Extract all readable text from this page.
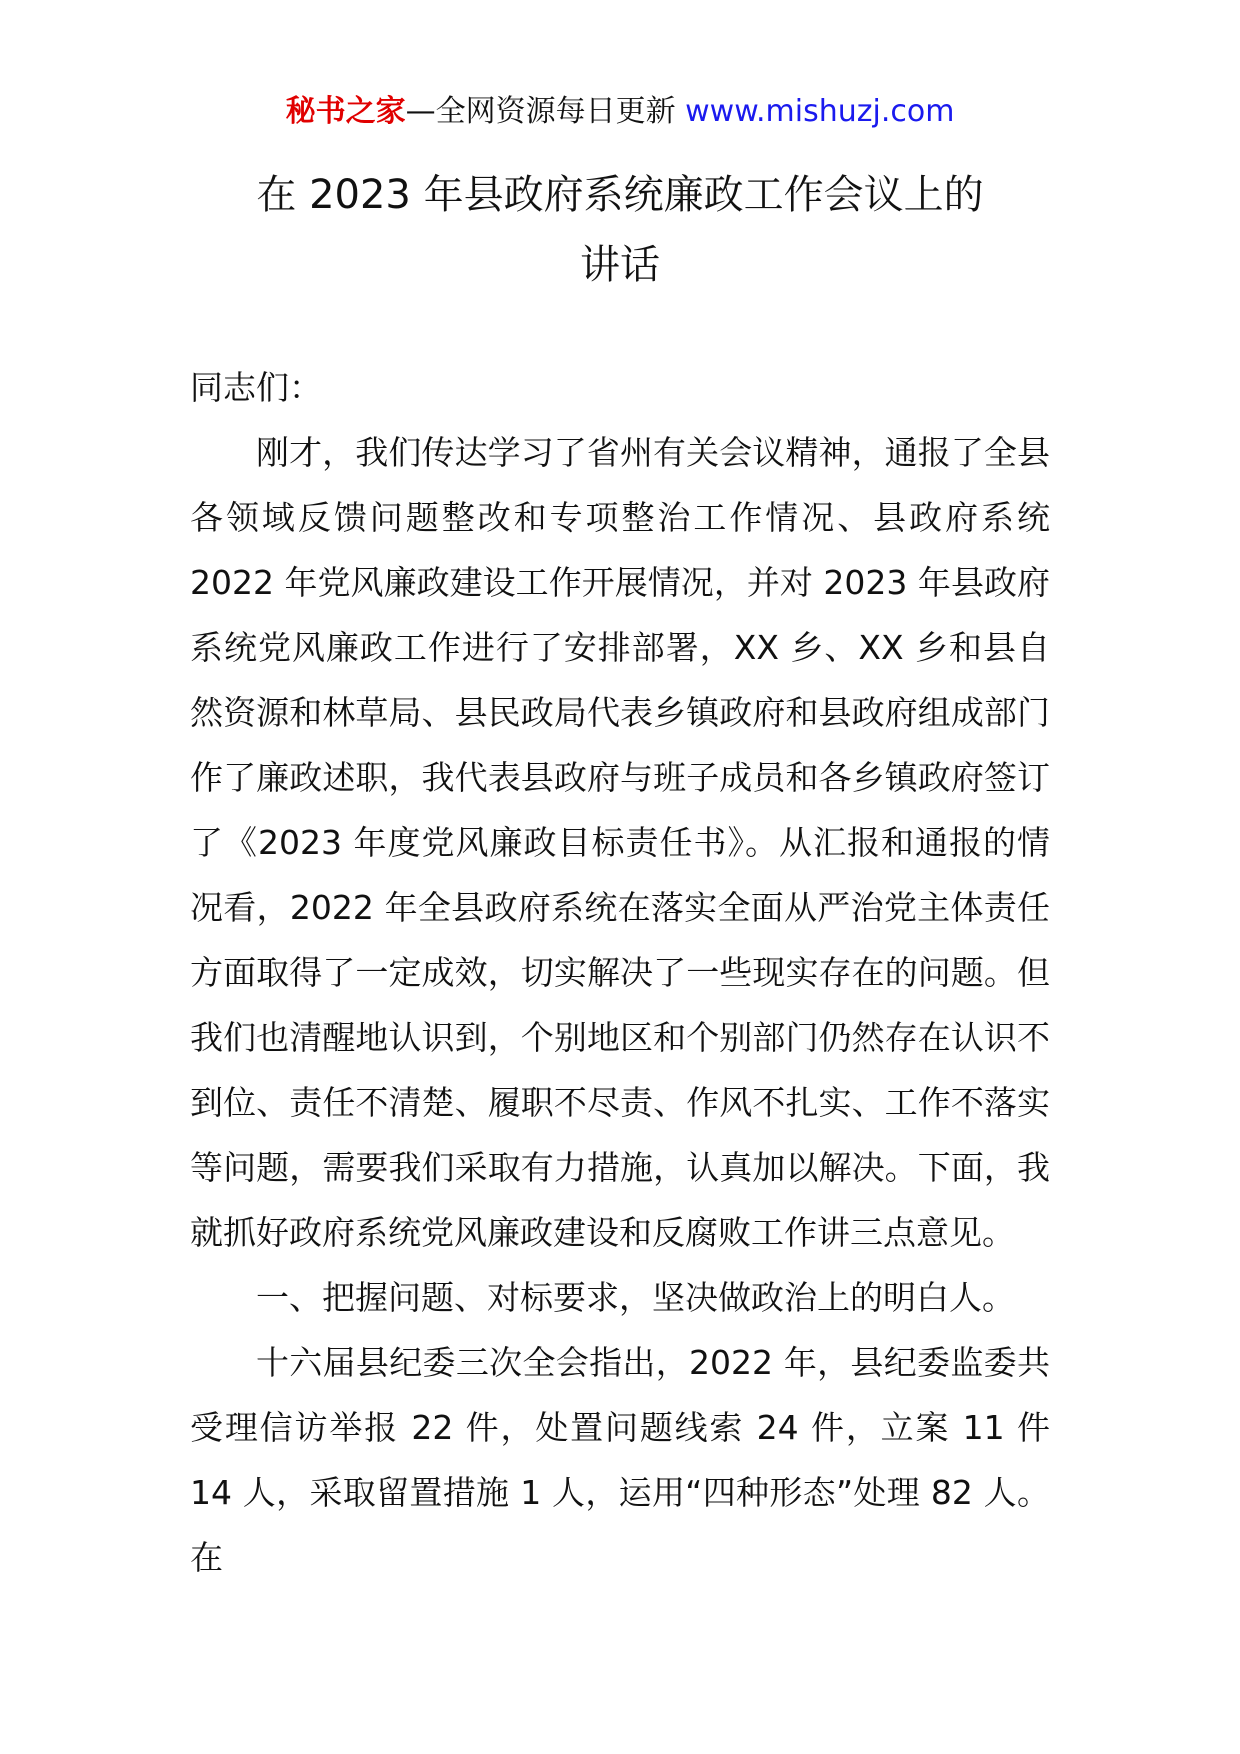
秘书之家—全网资源每日更新 www.mishuzj.com
在 2023 年县政府系统廉政工作会议上的
讲话

同志们：

刚才，我们传达学习了省州有关会议精神，通报了全县各领域反馈问题整改和专项整治工作情况、县政府系统 2022 年党风廉政建设工作开展情况，并对 2023 年县政府系统党风廉政工作进行了安排部署，XX 乡、XX 乡和县自然资源和林草局、县民政局代表乡镇政府和县政府组成部门作了廉政述职，我代表县政府与班子成员和各乡镇政府签订了《2023 年度党风廉政目标责任书》。从汇报和通报的情况看，2022 年全县政府系统在落实全面从严治党主体责任方面取得了一定成效，切实解决了一些现实存在的问题。但我们也清醒地认识到，个别地区和个别部门仍然存在认识不到位、责任不清楚、履职不尽责、作风不扎实、工作不落实等问题，需要我们采取有力措施，认真加以解决。下面，我就抓好政府系统党风廉政建设和反腐败工作讲三点意见。

一、把握问题、对标要求，坚决做政治上的明白人。

十六届县纪委三次全会指出，2022 年，县纪委监委共受理信访举报 22 件，处置问题线索 24 件，立案 11 件 14 人，采取留置措施 1 人，运用“四种形态”处理 82 人。在
